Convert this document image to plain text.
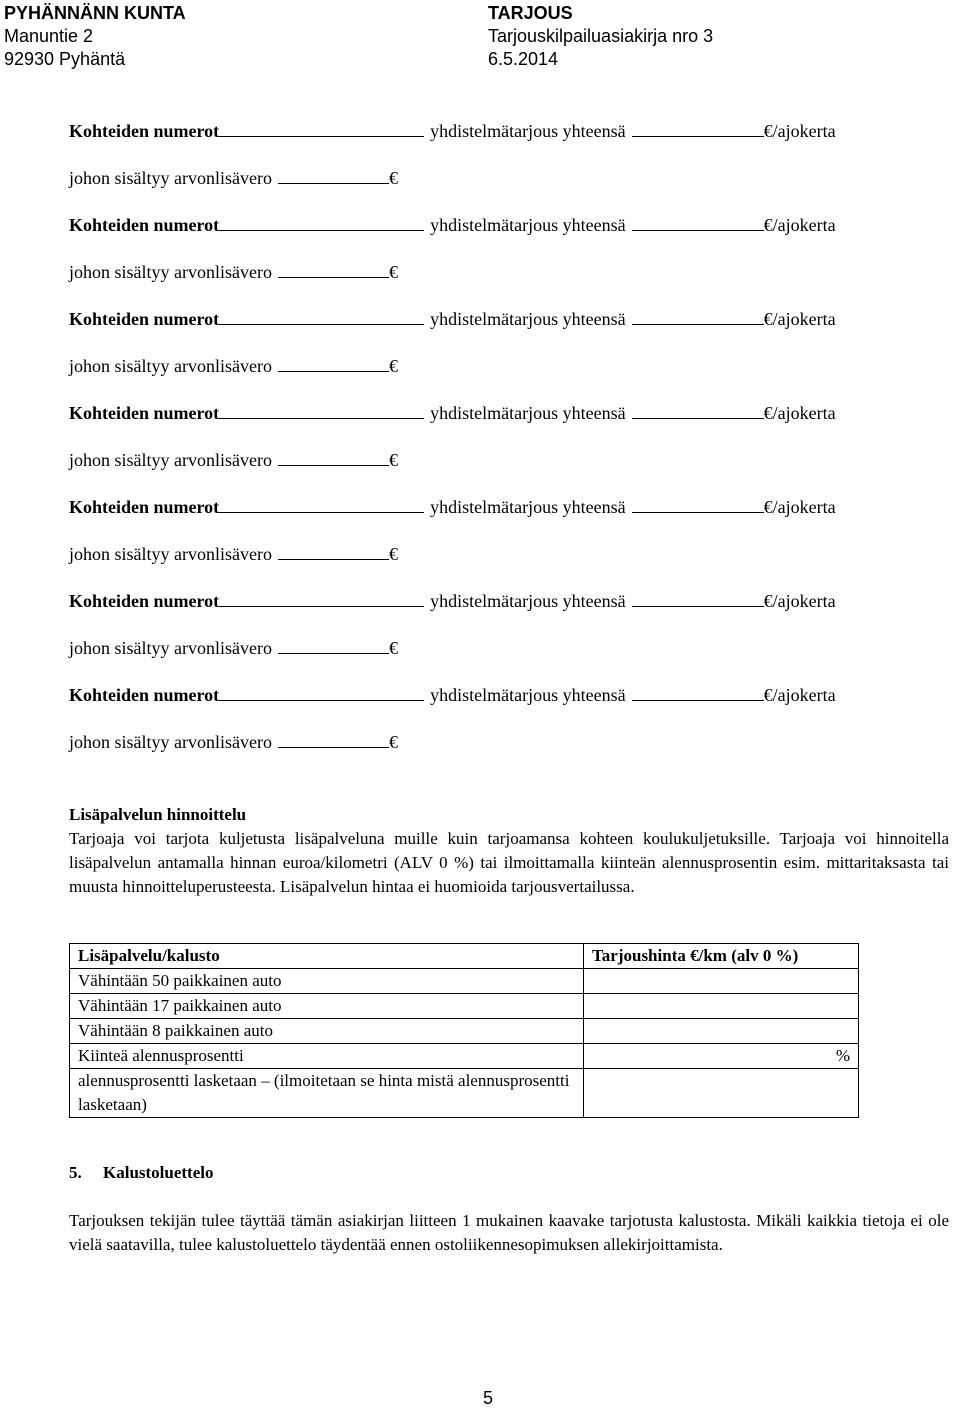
PYHÄNNÄNN KUNTA
Manuntie 2
92930 Pyhäntä
TARJOUS
Tarjouskilpailuasiakirja nro 3
6.5.2014
Kohteiden numerot	yhdistelmätarjous yhteensä	€/ajokerta
johon sisältyy arvonlisävero	€
Kohteiden numerot	yhdistelmätarjous yhteensä	€/ajokerta
johon sisältyy arvonlisävero	€
Kohteiden numerot	yhdistelmätarjous yhteensä	€/ajokerta
johon sisältyy arvonlisävero	€
Kohteiden numerot	yhdistelmätarjous yhteensä	€/ajokerta
johon sisältyy arvonlisävero	€
Kohteiden numerot	yhdistelmätarjous yhteensä	€/ajokerta
johon sisältyy arvonlisävero	€
Kohteiden numerot	yhdistelmätarjous yhteensä	€/ajokerta
johon sisältyy arvonlisävero	€
Kohteiden numerot	yhdistelmätarjous yhteensä	€/ajokerta
johon sisältyy arvonlisävero	€
Lisäpalvelun hinnoittelu
Tarjoaja voi tarjota kuljetusta lisäpalveluna muille kuin tarjoamansa kohteen koulukuljetuksille. Tarjoaja voi hinnoitella lisäpalvelun antamalla hinnan euroa/kilometri (ALV 0 %) tai ilmoittamalla kiinteän alennusprosentin esim. mittaritaksasta tai muusta hinnoitteluperusteesta. Lisäpalvelun hintaa ei huomioida tarjousvertailussa.
Lisäpalvelu/kalusto	Tarjoushinta €/km (alv 0 %)
Vähintään 50 paikkainen auto	
Vähintään 17 paikkainen auto	
Vähintään 8 paikkainen auto	
Kiinteä alennusprosentti	%
alennusprosentti lasketaan – (ilmoitetaan se hinta mistä alennusprosentti lasketaan)	
5. Kalustoluettelo
Tarjouksen tekijän tulee täyttää tämän asiakirjan liitteen 1 mukainen kaavake tarjotusta kalustosta. Mikäli kaikkia tietoja ei ole vielä saatavilla, tulee kalustoluettelo täydentää ennen ostoliikennesopimuksen allekirjoittamista.
5
